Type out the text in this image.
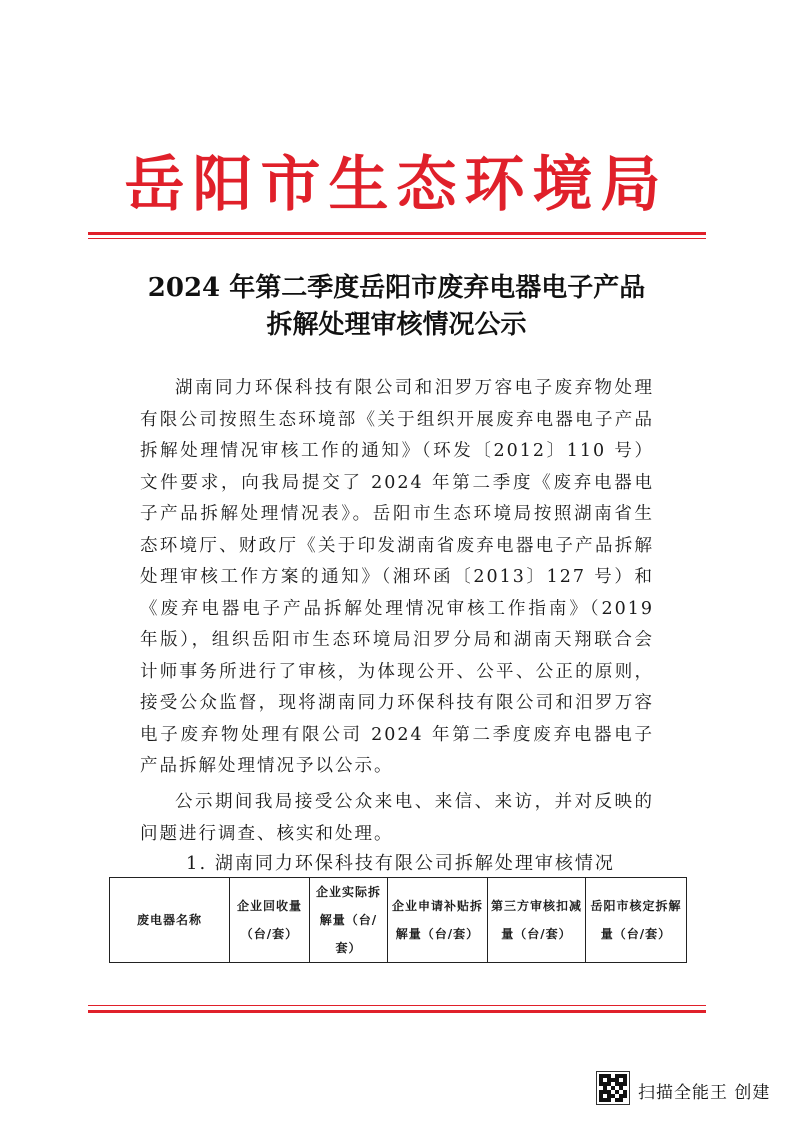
岳阳市生态环境局
2024 年第二季度岳阳市废弃电器电子产品
拆解处理审核情况公示
湖南同力环保科技有限公司和汨罗万容电子废弃物处理有限公司按照生态环境部《关于组织开展废弃电器电子产品拆解处理情况审核工作的通知》（环发〔2012〕110 号）文件要求，向我局提交了 2024 年第二季度《废弃电器电子产品拆解处理情况表》。岳阳市生态环境局按照湖南省生态环境厅、财政厅《关于印发湖南省废弃电器电子产品拆解处理审核工作方案的通知》（湘环函〔2013〕127 号）和《废弃电器电子产品拆解处理情况审核工作指南》（2019 年版），组织岳阳市生态环境局汨罗分局和湖南天翔联合会计师事务所进行了审核，为体现公开、公平、公正的原则，接受公众监督，现将湖南同力环保科技有限公司和汨罗万容电子废弃物处理有限公司 2024 年第二季度废弃电器电子产品拆解处理情况予以公示。
公示期间我局接受公众来电、来信、来访，并对反映的问题进行调查、核实和处理。
1. 湖南同力环保科技有限公司拆解处理审核情况
废电器名称	企业回收量（台/套）	企业实际拆解量（台/套）	企业申请补贴拆解量（台/套）	第三方审核扣减量（台/套）	岳阳市核定拆解量（台/套）
扫描全能王 创建
